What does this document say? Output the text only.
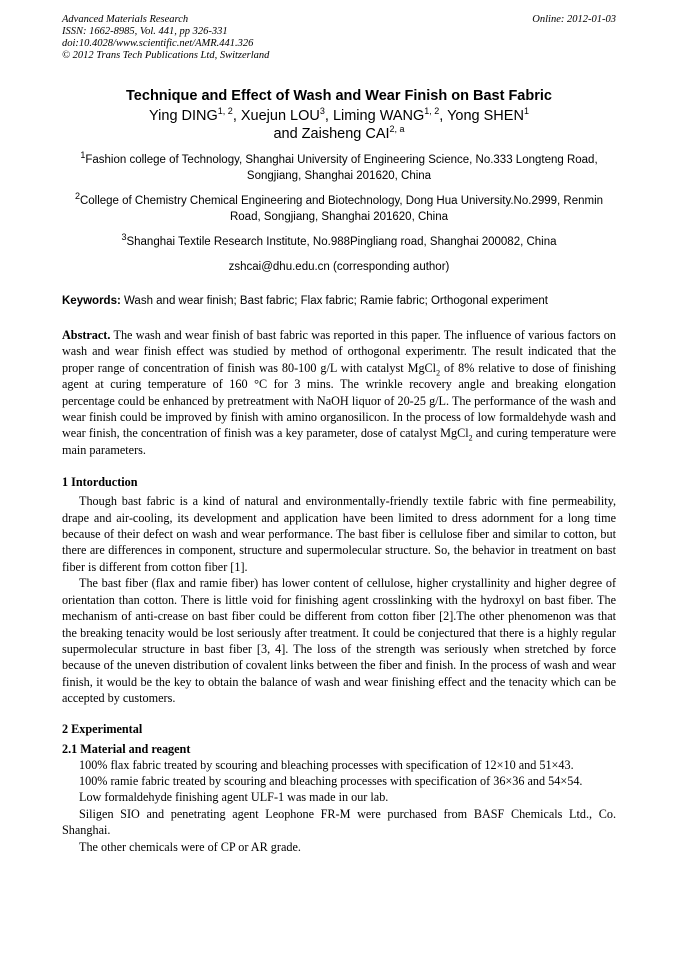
Advanced Materials Research
ISSN: 1662-8985, Vol. 441, pp 326-331
doi:10.4028/www.scientific.net/AMR.441.326
© 2012 Trans Tech Publications Ltd, Switzerland
Online: 2012-01-03
Technique and Effect of Wash and Wear Finish on Bast Fabric
Ying DING$^{1, 2}$, Xuejun LOU$^3$, Liming WANG$^{1, 2}$, Yong SHEN$^1$
and Zaisheng CAI$^{2, a}$
$^1$Fashion college of Technology, Shanghai University of Engineering Science, No.333 Longteng Road, Songjiang, Shanghai 201620, China
$^2$College of Chemistry Chemical Engineering and Biotechnology, Dong Hua University.No.2999, Renmin Road, Songjiang, Shanghai 201620, China
$^3$Shanghai Textile Research Institute, No.988Pingliang road, Shanghai 200082, China
zshcai@dhu.edu.cn (corresponding author)
Keywords: Wash and wear finish; Bast fabric; Flax fabric; Ramie fabric; Orthogonal experiment
Abstract. The wash and wear finish of bast fabric was reported in this paper. The influence of various factors on wash and wear finish effect was studied by method of orthogonal experimentr. The result indicated that the proper range of concentration of finish was 80-100 g/L with catalyst MgCl$_2$ of 8% relative to dose of finishing agent at curing temperature of 160 °C for 3 mins. The wrinkle recovery angle and breaking elongation percentage could be enhanced by pretreatment with NaOH liquor of 20-25 g/L. The performance of the wash and wear finish could be improved by finish with amino organosilicon. In the process of low formaldehyde wash and wear finish, the concentration of finish was a key parameter, dose of catalyst MgCl$_2$ and curing temperature were main parameters.
1 Intorduction
Though bast fabric is a kind of natural and environmentally-friendly textile fabric with fine permeability, drape and air-cooling, its development and application have been limited to dress adornment for a long time because of their defect on wash and wear performance. The bast fiber is cellulose fiber and similar to cotton, but there are differences in component, structure and supermolecular structure. So, the behavior in treatment on bast fiber is different from cotton fiber [1].
The bast fiber (flax and ramie fiber) has lower content of cellulose, higher crystallinity and higher degree of orientation than cotton. There is little void for finishing agent crosslinking with the hydroxyl on bast fiber. The mechanism of anti-crease on bast fiber could be different from cotton fiber [2].The other phenomenon was that the breaking tenacity would be lost seriously after treatment. It could be conjectured that there is a highly regular supermolecular structure in bast fiber [3, 4]. The loss of the strength was seriously when stretched by force because of the uneven distribution of covalent links between the fiber and finish. In the process of wash and wear finish, it would be the key to obtain the balance of wash and wear finishing effect and the tenacity which can be accepted by customers.
2 Experimental
2.1 Material and reagent
100% flax fabric treated by scouring and bleaching processes with specification of 12×10 and 51×43.
100% ramie fabric treated by scouring and bleaching processes with specification of 36×36 and 54×54.
Low formaldehyde finishing agent ULF-1 was made in our lab.
Siligen SIO and penetrating agent Leophone FR-M were purchased from BASF Chemicals Ltd., Co. Shanghai.
The other chemicals were of CP or AR grade.
